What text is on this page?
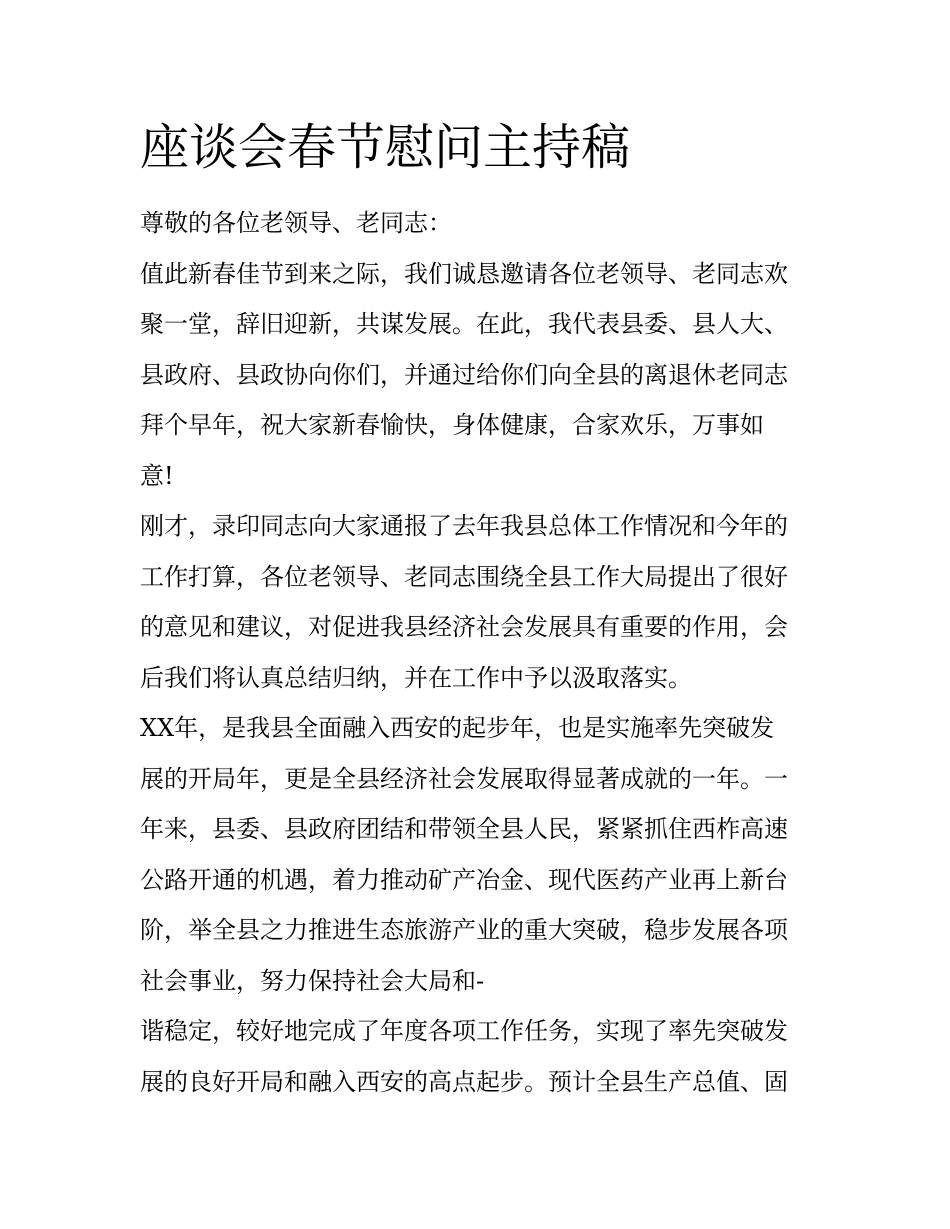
座谈会春节慰问主持稿

尊敬的各位老领导、老同志：

值此新春佳节到来之际，我们诚恳邀请各位老领导、老同志欢
聚一堂，辞旧迎新，共谋发展。在此，我代表县委、县人大、
县政府、县政协向你们，并通过给你们向全县的离退休老同志
拜个早年，祝大家新春愉快，身体健康，合家欢乐，万事如
意!

刚才，录印同志向大家通报了去年我县总体工作情况和今年的
工作打算，各位老领导、老同志围绕全县工作大局提出了很好
的意见和建议，对促进我县经济社会发展具有重要的作用，会
后我们将认真总结归纳，并在工作中予以汲取落实。

XX年，是我县全面融入西安的起步年，也是实施率先突破发
展的开局年，更是全县经济社会发展取得显著成就的一年。一
年来，县委、县政府团结和带领全县人民，紧紧抓住西柞高速
公路开通的机遇，着力推动矿产冶金、现代医药产业再上新台
阶，举全县之力推进生态旅游产业的重大突破，稳步发展各项
社会事业，努力保持社会大局和-

谐稳定，较好地完成了年度各项工作任务，实现了率先突破发
展的良好开局和融入西安的高点起步。预计全县生产总值、固
